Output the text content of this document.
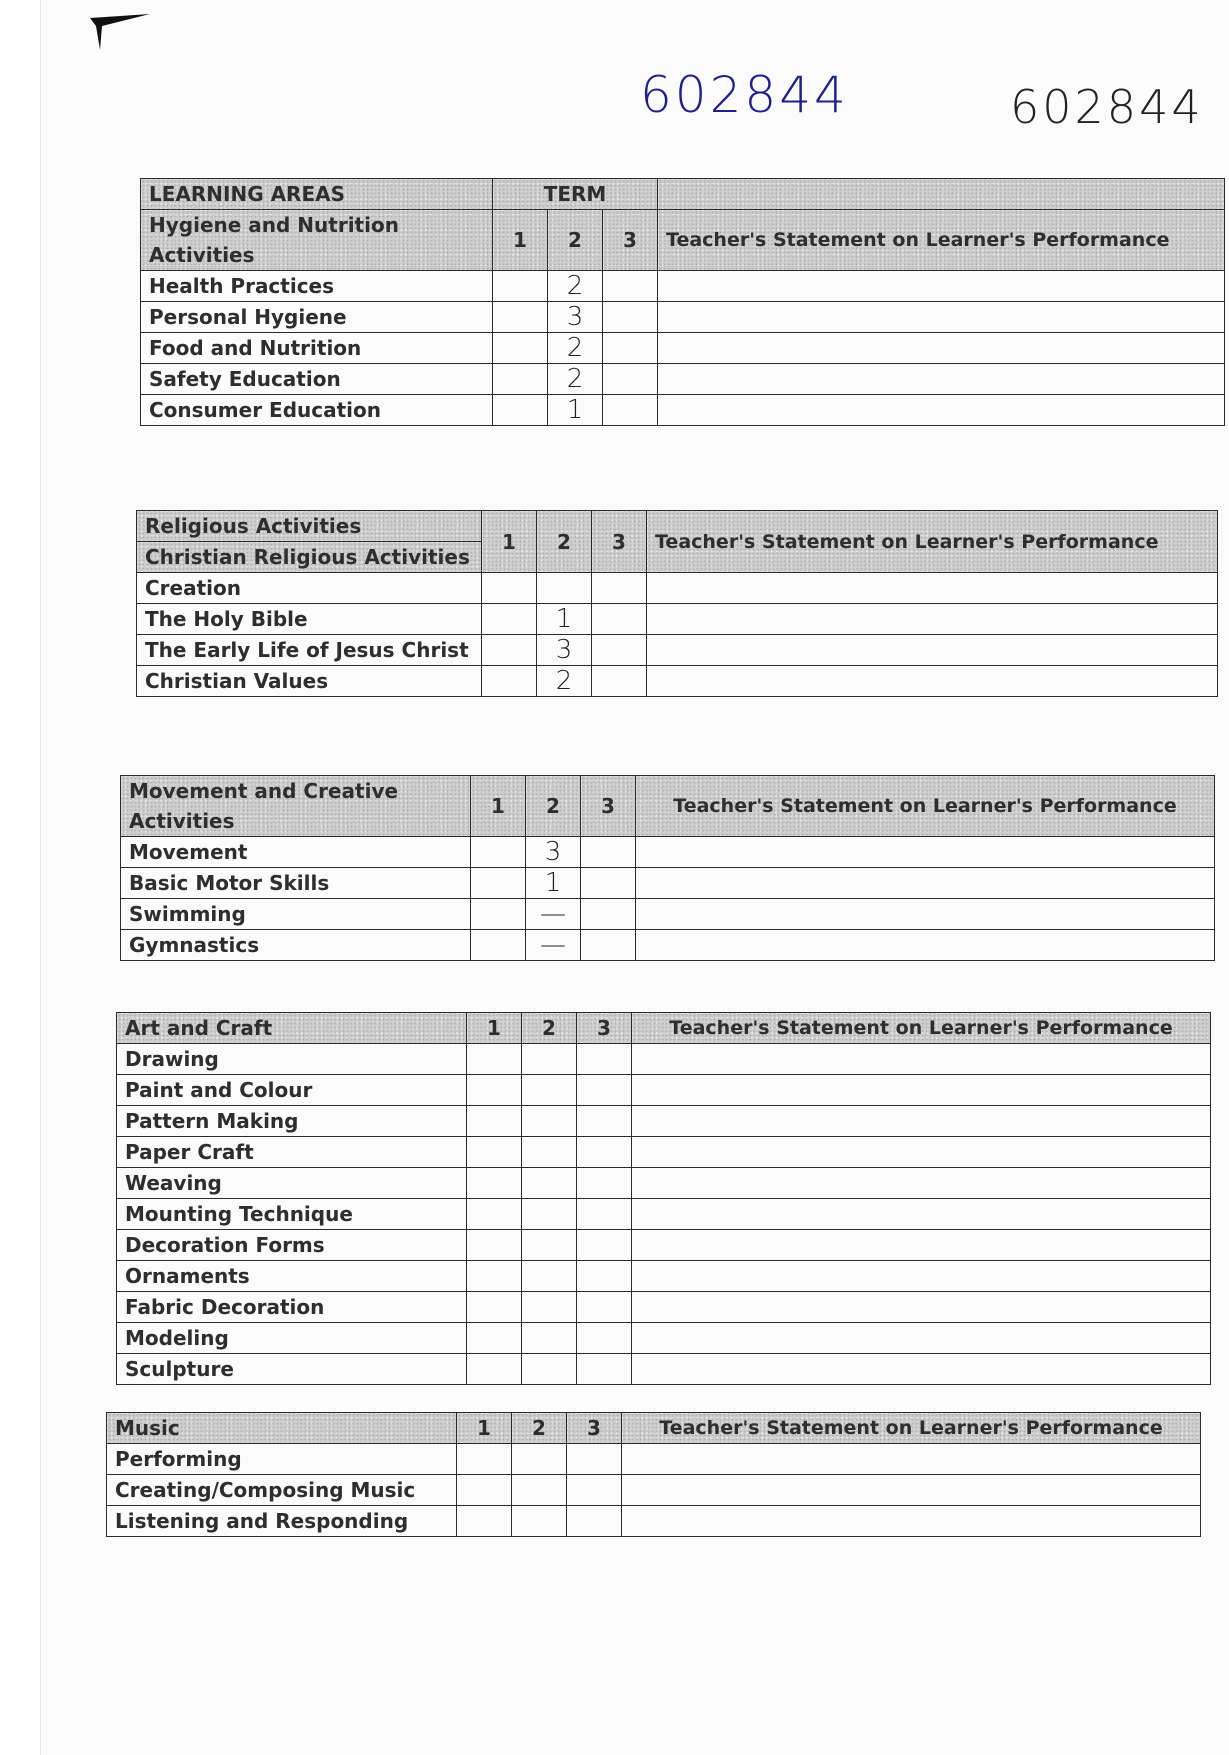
602844	602844
LEARNING AREAS	TERM			
Hygiene and Nutrition Activities	1	2	3	Teacher's Statement on Learner's Performance
Health Practices		2		
Personal Hygiene		3		
Food and Nutrition		2		
Safety Education		2		
Consumer Education		1		
Religious Activities	1	2	3	Teacher's Statement on Learner's Performance
Christian Religious Activities				
Creation				
The Holy Bible		1		
The Early Life of Jesus Christ		3		
Christian Values		2		
Movement and Creative Activities	1	2	3	Teacher's Statement on Learner's Performance
Movement		3		
Basic Motor Skills		1		
Swimming		—		
Gymnastics		—		
Art and Craft	1	2	3	Teacher's Statement on Learner's Performance
Drawing				
Paint and Colour				
Pattern Making				
Paper Craft				
Weaving				
Mounting Technique				
Decoration Forms				
Ornaments				
Fabric Decoration				
Modeling				
Sculpture				
Music	1	2	3	Teacher's Statement on Learner's Performance
Performing				
Creating/Composing Music				
Listening and Responding				
